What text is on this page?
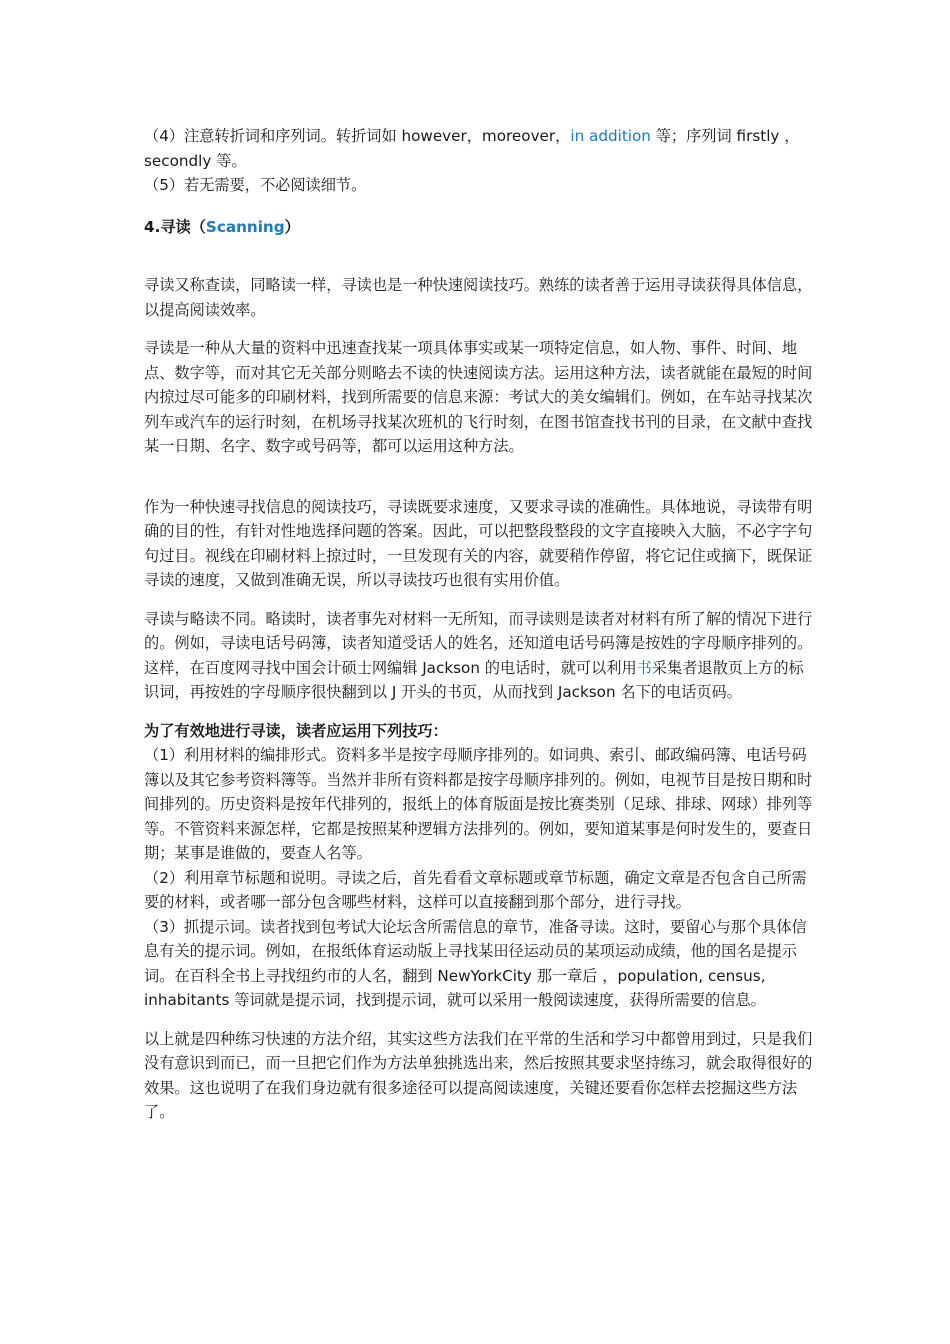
（4）注意转折词和序列词。转折词如 however，moreover，in addition 等；序列词 firstly ， secondly 等。

（5）若无需要，不必阅读细节。

4.寻读（Scanning）

寻读又称查读，同略读一样，寻读也是一种快速阅读技巧。熟练的读者善于运用寻读获得具体信息，以提高阅读效率。

寻读是一种从大量的资料中迅速查找某一项具体事实或某一项特定信息，如人物、事件、时间、地点、数字等，而对其它无关部分则略去不读的快速阅读方法。运用这种方法，读者就能在最短的时间内掠过尽可能多的印刷材料，找到所需要的信息来源：考试大的美女编辑们。例如，在车站寻找某次列车或汽车的运行时刻，在机场寻找某次班机的飞行时刻，在图书馆查找书刊的目录，在文献中查找某一日期、名字、数字或号码等，都可以运用这种方法。

作为一种快速寻找信息的阅读技巧，寻读既要求速度，又要求寻读的准确性。具体地说，寻读带有明确的目的性，有针对性地选择问题的答案。因此，可以把整段整段的文字直接映入大脑，不必字字句句过目。视线在印刷材料上掠过时，一旦发现有关的内容，就要稍作停留，将它记住或摘下，既保证寻读的速度，又做到准确无误，所以寻读技巧也很有实用价值。

寻读与略读不同。略读时，读者事先对材料一无所知，而寻读则是读者对材料有所了解的情况下进行的。例如，寻读电话号码簿，读者知道受话人的姓名，还知道电话号码簿是按姓的字母顺序排列的。这样，在百度网寻找中国会计硕士网编辑 Jackson 的电话时，就可以利用书采集者退散页上方的标识词，再按姓的字母顺序很快翻到以 J 开头的书页，从而找到 Jackson 名下的电话页码。

为了有效地进行寻读，读者应运用下列技巧：

（1）利用材料的编排形式。资料多半是按字母顺序排列的。如词典、索引、邮政编码簿、电话号码簿以及其它参考资料簿等。当然并非所有资料都是按字母顺序排列的。例如，电视节目是按日期和时间排列的。历史资料是按年代排列的，报纸上的体育版面是按比赛类别（足球、排球、网球）排列等等。不管资料来源怎样，它都是按照某种逻辑方法排列的。例如，要知道某事是何时发生的，要查日期；某事是谁做的，要查人名等。

（2）利用章节标题和说明。寻读之后，首先看看文章标题或章节标题，确定文章是否包含自己所需要的材料，或者哪一部分包含哪些材料，这样可以直接翻到那个部分，进行寻找。

（3）抓提示词。读者找到包考试大论坛含所需信息的章节，准备寻读。这时，要留心与那个具体信息有关的提示词。例如，在报纸体育运动版上寻找某田径运动员的某项运动成绩，他的国名是提示词。在百科全书上寻找纽约市的人名，翻到 NewYorkCity 那一章后 ，population, census, inhabitants 等词就是提示词，找到提示词，就可以采用一般阅读速度，获得所需要的信息。

以上就是四种练习快速的方法介绍，其实这些方法我们在平常的生活和学习中都曾用到过，只是我们没有意识到而已，而一旦把它们作为方法单独挑选出来，然后按照其要求坚持练习，就会取得很好的效果。这也说明了在我们身边就有很多途径可以提高阅读速度，关键还要看你怎样去挖掘这些方法了。
